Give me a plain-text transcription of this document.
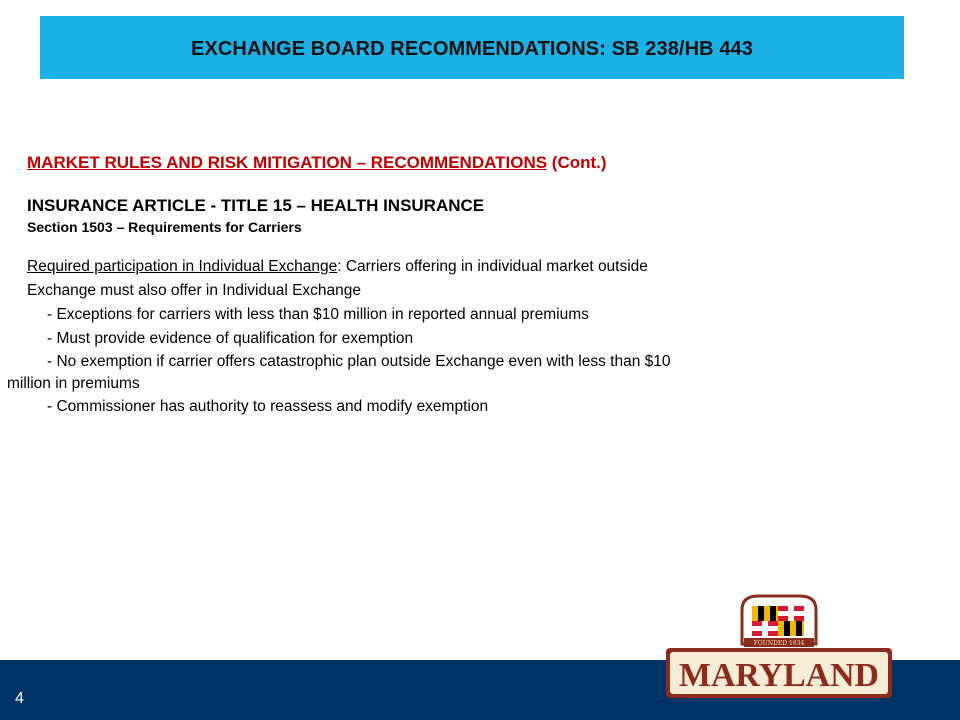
EXCHANGE BOARD RECOMMENDATIONS: SB 238/HB 443
MARKET RULES AND RISK MITIGATION – RECOMMENDATIONS (Cont.)
INSURANCE ARTICLE - TITLE 15 – HEALTH INSURANCE
Section 1503 – Requirements for Carriers
Required participation in Individual Exchange: Carriers offering in individual market outside
Exchange must also offer in Individual Exchange
- Exceptions for carriers with less than $10 million in reported annual premiums
- Must provide evidence of qualification for exemption
- No exemption if carrier offers catastrophic plan outside Exchange even with less than $10
million in premiums
- Commissioner has authority to reassess and modify exemption
4
FOUNDED 1634
MARYLAND
